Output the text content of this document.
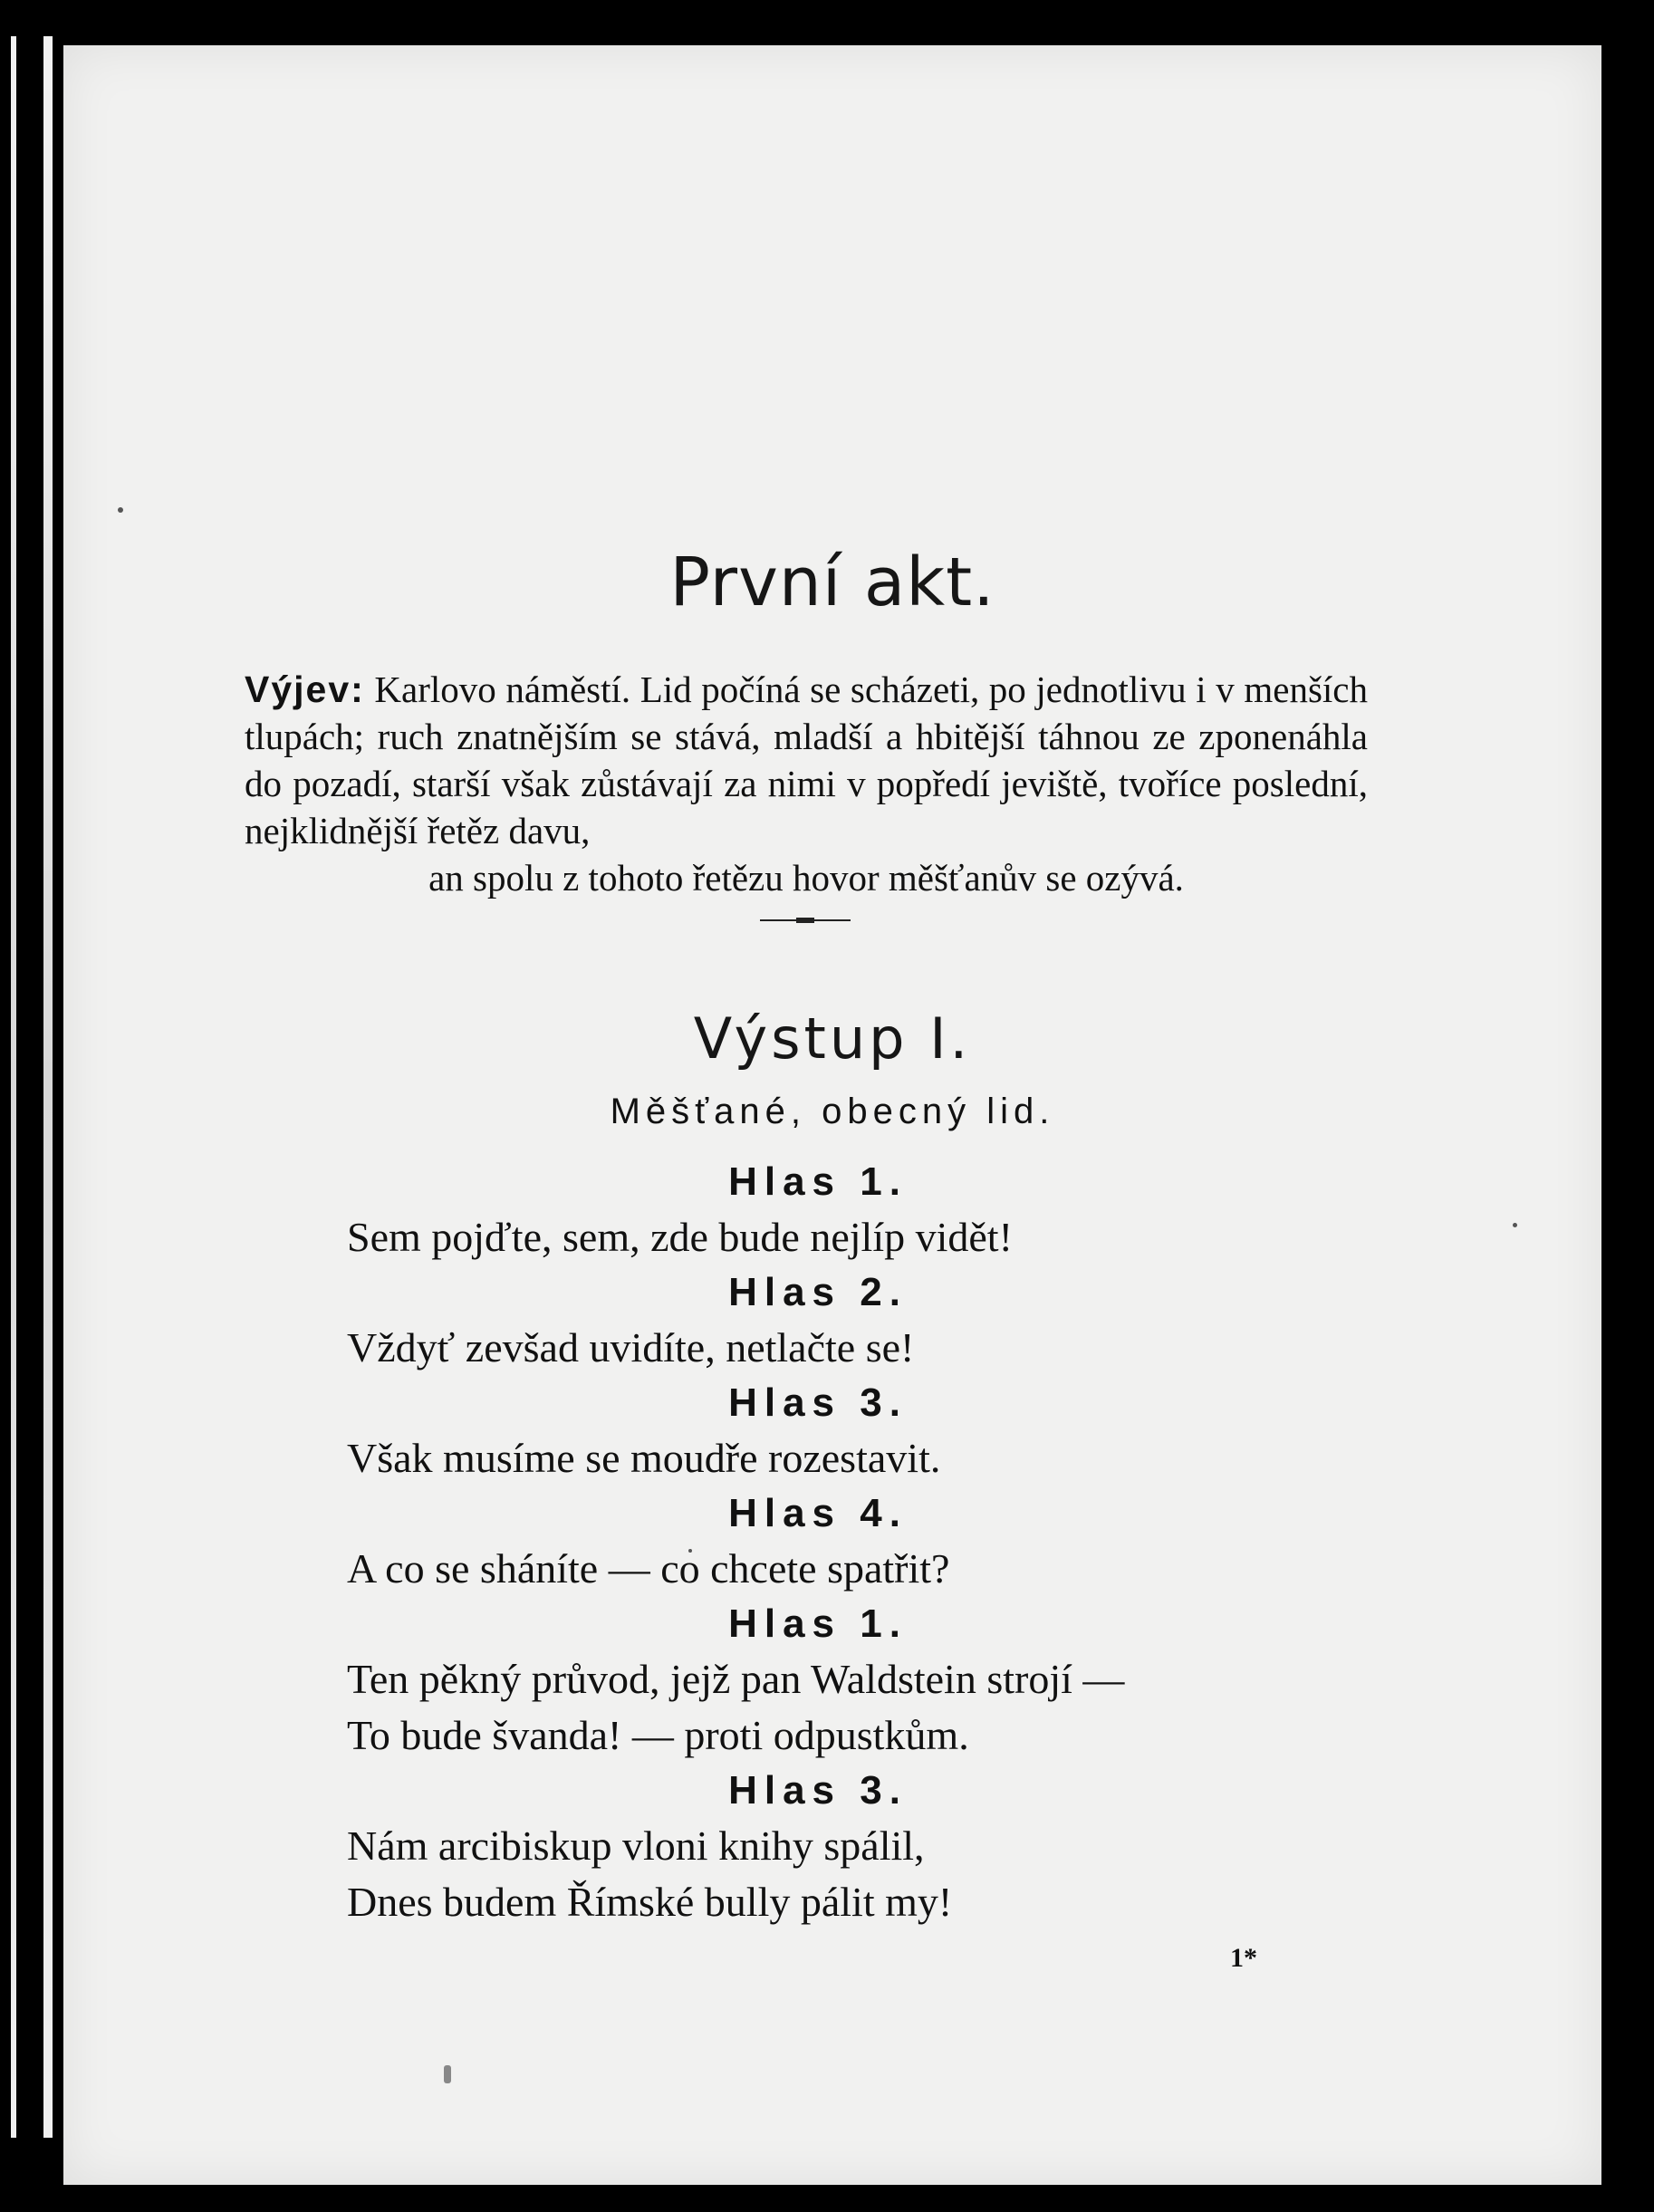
První akt.
Výjev: Karlovo náměstí. Lid počíná se scházeti, po jednotlivu i v menších tlupách; ruch znatnějším se stává, mladší a hbitější táhnou ze zponenáhla do pozadí, starší však zůstávají za nimi v popředí jeviště, tvoříce poslední, nejklidnější řetěz davu,
an spolu z tohoto řetězu hovor měšťanův se ozývá.
Výstup I.
Měšťané, obecný lid.
Hlas 1.
Sem pojďte, sem, zde bude nejlíp vidět!
Hlas 2.
Vždyť zevšad uvidíte, netlačte se!
Hlas 3.
Však musíme se moudře rozestavit.
Hlas 4.
A co se sháníte — co chcete spatřit?
Hlas 1.
Ten pěkný průvod, jejž pan Waldstein strojí —
To bude švanda! — proti odpustkům.
Hlas 3.
Nám arcibiskup vloni knihy spálil,
Dnes budem Římské bully pálit my!
1*
